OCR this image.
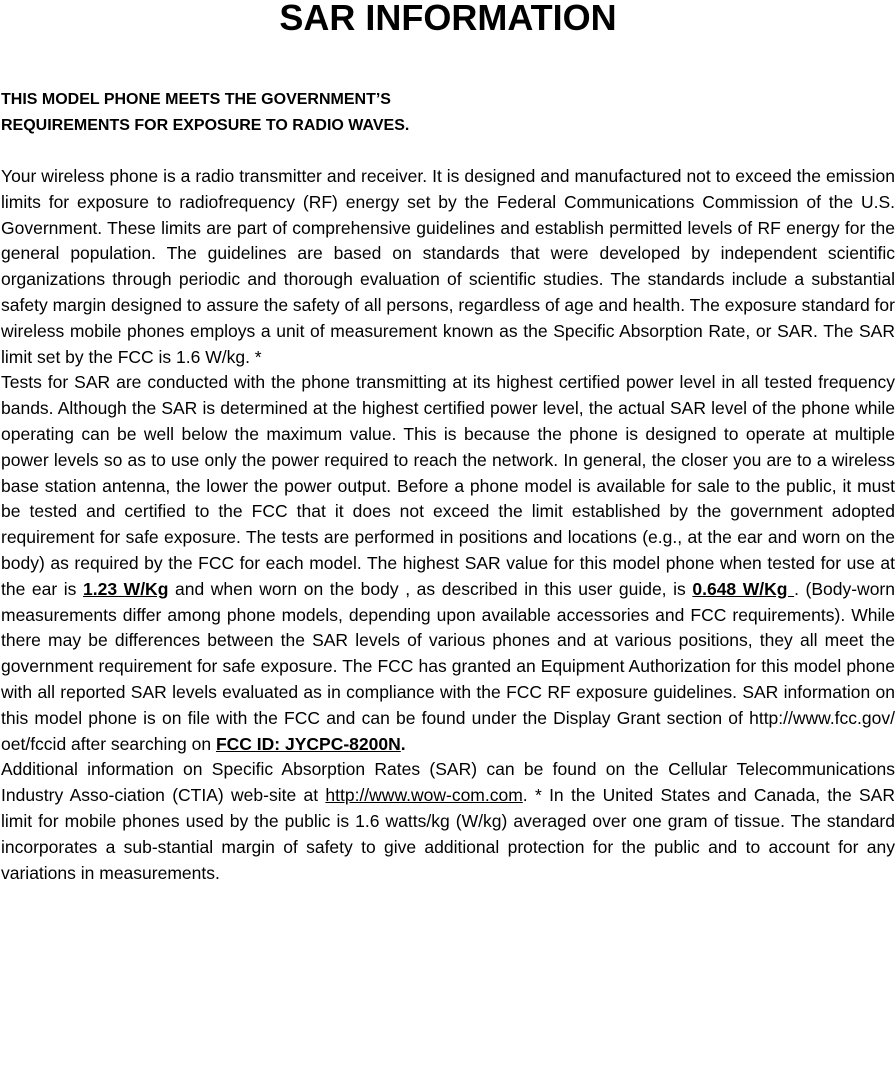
SAR INFORMATION
THIS MODEL PHONE MEETS THE GOVERNMENT’S
REQUIREMENTS FOR EXPOSURE TO RADIO WAVES.

Your wireless phone is a radio transmitter and receiver. It is designed and manufactured not to exceed the emission limits for exposure to radiofrequency (RF) energy set by the Federal Communications Commission of the U.S. Government. These limits are part of comprehensive guidelines and establish permitted levels of RF energy for the general population. The guidelines are based on standards that were developed by independent scientific organizations through periodic and thorough evaluation of scientific studies. The standards include a substantial safety margin designed to assure the safety of all persons, regardless of age and health. The exposure standard for wireless mobile phones employs a unit of measurement known as the Specific Absorption Rate, or SAR. The SAR limit set by the FCC is 1.6 W/kg. *

Tests for SAR are conducted with the phone transmitting at its highest certified power level in all tested frequency bands. Although the SAR is determined at the highest certified power level, the actual SAR level of the phone while operating can be well below the maximum value. This is because the phone is designed to operate at multiple power levels so as to use only the power required to reach the network. In general, the closer you are to a wireless base station antenna, the lower the power output. Before a phone model is available for sale to the public, it must be tested and certified to the FCC that it does not exceed the limit established by the government adopted requirement for safe exposure. The tests are performed in positions and locations (e.g., at the ear and worn on the body) as required by the FCC for each model. The highest SAR value for this model phone when tested for use at the ear is 1.23 W/Kg and when worn on the body , as described in this user guide, is 0.648 W/Kg . (Body-worn measurements differ among phone models, depending upon available accessories and FCC requirements). While there may be differences between the SAR levels of various phones and at various positions, they all meet the government requirement for safe exposure. The FCC has granted an Equipment Authorization for this model phone with all reported SAR levels evaluated as in compliance with the FCC RF exposure guidelines. SAR information on this model phone is on file with the FCC and can be found under the Display Grant section of http://www.fcc.gov/ oet/fccid after searching on FCC ID: JYCPC-8200N.

Additional information on Specific Absorption Rates (SAR) can be found on the Cellular Telecommunications Industry Asso-ciation (CTIA) web-site at http://www.wow-com.com. * In the United States and Canada, the SAR limit for mobile phones used by the public is 1.6 watts/kg (W/kg) averaged over one gram of tissue. The standard incorporates a sub-stantial margin of safety to give additional protection for the public and to account for any variations in measurements.
